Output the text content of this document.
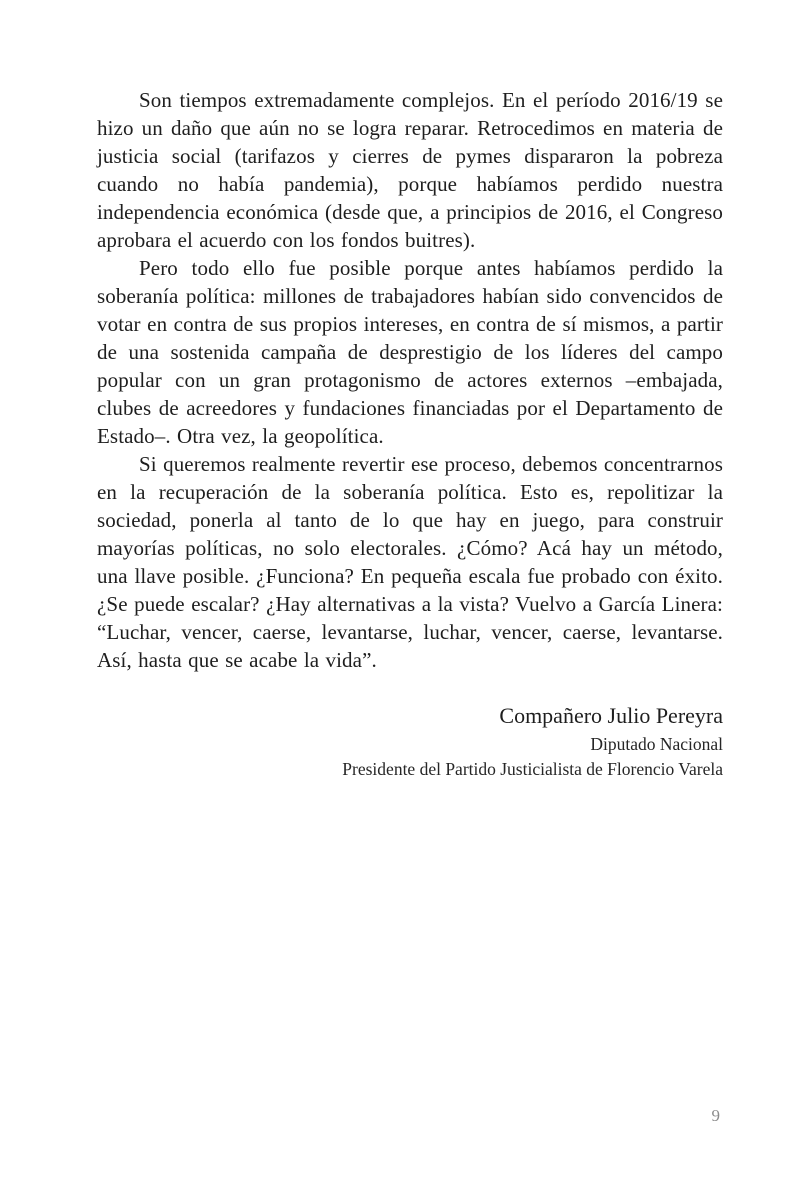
Son tiempos extremadamente complejos. En el período 2016/19 se hizo un daño que aún no se logra reparar. Retrocedimos en materia de justicia social (tarifazos y cierres de pymes dispararon la pobreza cuando no había pandemia), porque habíamos perdido nuestra independencia económica (desde que, a principios de 2016, el Congreso aprobara el acuerdo con los fondos buitres).

Pero todo ello fue posible porque antes habíamos perdido la soberanía política: millones de trabajadores habían sido convencidos de votar en contra de sus propios intereses, en contra de sí mismos, a partir de una sostenida campaña de desprestigio de los líderes del campo popular con un gran protagonismo de actores externos –embajada, clubes de acreedores y fundaciones financiadas por el Departamento de Estado–. Otra vez, la geopolítica.

Si queremos realmente revertir ese proceso, debemos concentrarnos en la recuperación de la soberanía política. Esto es, repolitizar la sociedad, ponerla al tanto de lo que hay en juego, para construir mayorías políticas, no solo electorales. ¿Cómo? Acá hay un método, una llave posible. ¿Funciona? En pequeña escala fue probado con éxito. ¿Se puede escalar? ¿Hay alternativas a la vista? Vuelvo a García Linera: “Luchar, vencer, caerse, levantarse, luchar, vencer, caerse, levantarse. Así, hasta que se acabe la vida”.

Compañero Julio Pereyra
Diputado Nacional
Presidente del Partido Justicialista de Florencio Varela
9
